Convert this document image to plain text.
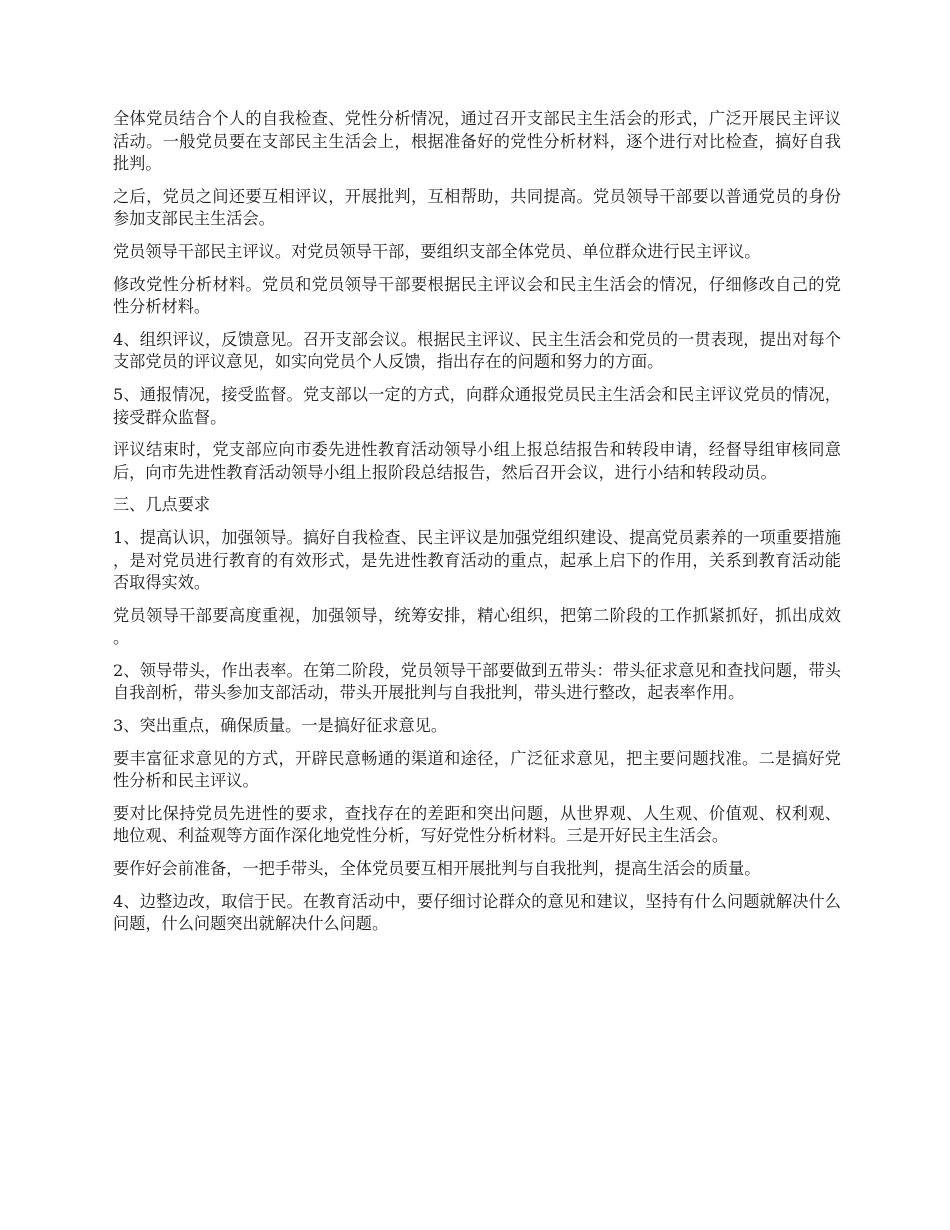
全体党员结合个人的自我检查、党性分析情况，通过召开支部民主生活会的形式，广泛开展民主评议活动。一般党员要在支部民主生活会上，根据准备好的党性分析材料，逐个进行对比检查，搞好自我批判。

之后，党员之间还要互相评议，开展批判，互相帮助，共同提高。党员领导干部要以普通党员的身份参加支部民主生活会。

党员领导干部民主评议。对党员领导干部，要组织支部全体党员、单位群众进行民主评议。

修改党性分析材料。党员和党员领导干部要根据民主评议会和民主生活会的情况，仔细修改自己的党性分析材料。

4、组织评议，反馈意见。召开支部会议。根据民主评议、民主生活会和党员的一贯表现，提出对每个支部党员的评议意见，如实向党员个人反馈，指出存在的问题和努力的方面。

5、通报情况，接受监督。党支部以一定的方式，向群众通报党员民主生活会和民主评议党员的情况，接受群众监督。

评议结束时，党支部应向市委先进性教育活动领导小组上报总结报告和转段申请，经督导组审核同意后，向市先进性教育活动领导小组上报阶段总结报告，然后召开会议，进行小结和转段动员。

三、几点要求

1、提高认识，加强领导。搞好自我检查、民主评议是加强党组织建设、提高党员素养的一项重要措施，是对党员进行教育的有效形式，是先进性教育活动的重点，起承上启下的作用，关系到教育活动能否取得实效。

党员领导干部要高度重视，加强领导，统筹安排，精心组织，把第二阶段的工作抓紧抓好，抓出成效。

2、领导带头，作出表率。在第二阶段，党员领导干部要做到五带头：带头征求意见和查找问题，带头自我剖析，带头参加支部活动，带头开展批判与自我批判，带头进行整改，起表率作用。

3、突出重点，确保质量。一是搞好征求意见。

要丰富征求意见的方式，开辟民意畅通的渠道和途径，广泛征求意见，把主要问题找准。二是搞好党性分析和民主评议。

要对比保持党员先进性的要求，查找存在的差距和突出问题，从世界观、人生观、价值观、权利观、地位观、利益观等方面作深化地党性分析，写好党性分析材料。三是开好民主生活会。

要作好会前准备，一把手带头，全体党员要互相开展批判与自我批判，提高生活会的质量。

4、边整边改，取信于民。在教育活动中，要仔细讨论群众的意见和建议，坚持有什么问题就解决什么问题，什么问题突出就解决什么问题。
